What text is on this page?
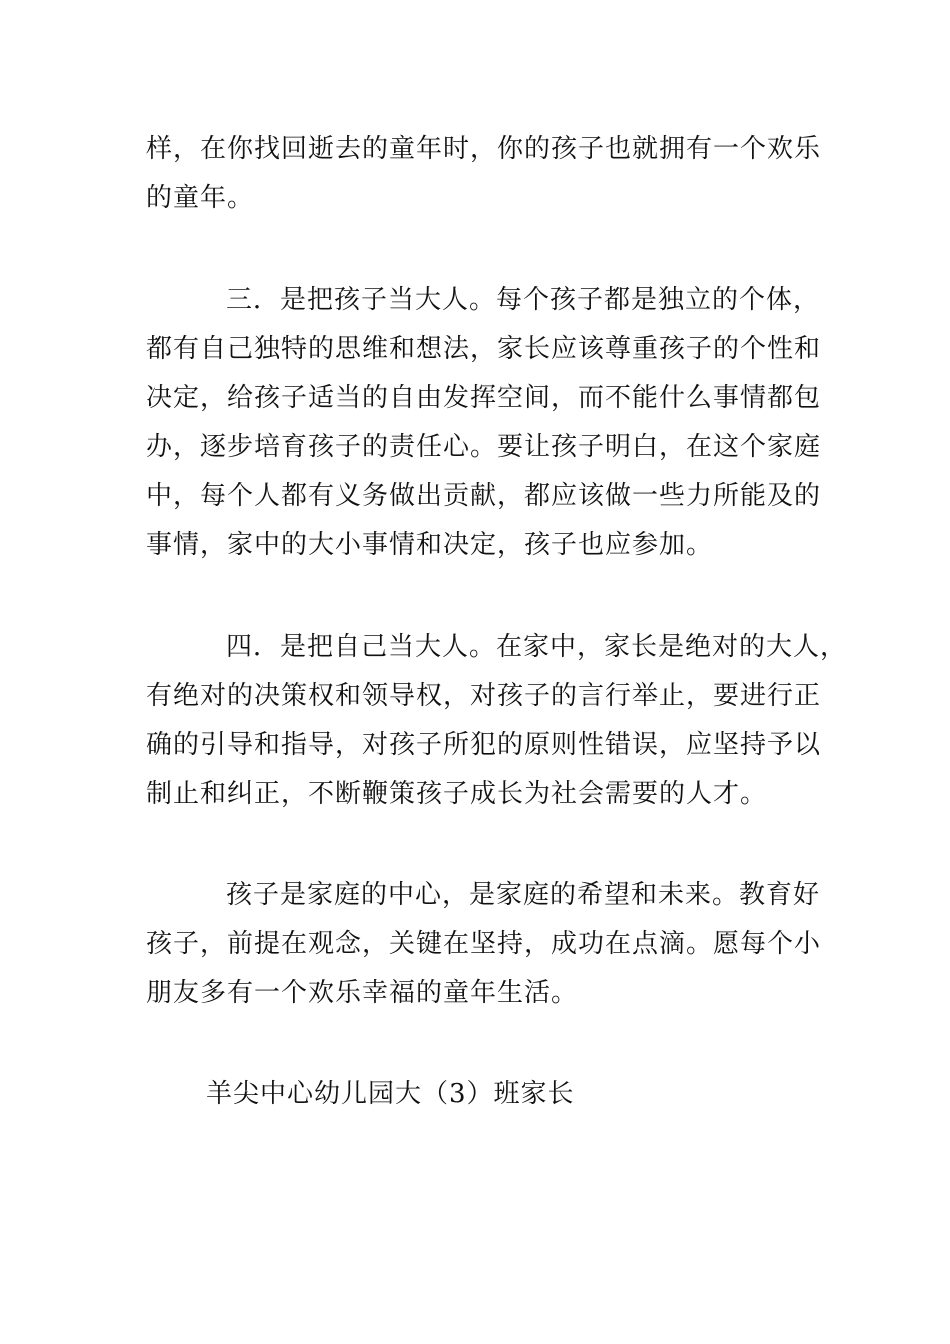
样，在你找回逝去的童年时，你的孩子也就拥有一个欢乐
的童年。
三．是把孩子当大人。每个孩子都是独立的个体，
都有自己独特的思维和想法，家长应该尊重孩子的个性和
决定，给孩子适当的自由发挥空间，而不能什么事情都包
办，逐步培育孩子的责任心。要让孩子明白，在这个家庭
中，每个人都有义务做出贡献，都应该做一些力所能及的
事情，家中的大小事情和决定，孩子也应参加。
四．是把自己当大人。在家中，家长是绝对的大人，
有绝对的决策权和领导权，对孩子的言行举止，要进行正
确的引导和指导，对孩子所犯的原则性错误，应坚持予以
制止和纠正，不断鞭策孩子成长为社会需要的人才。
孩子是家庭的中心，是家庭的希望和未来。教育好
孩子，前提在观念，关键在坚持，成功在点滴。愿每个小
朋友多有一个欢乐幸福的童年生活。
羊尖中心幼儿园大（3）班家长
